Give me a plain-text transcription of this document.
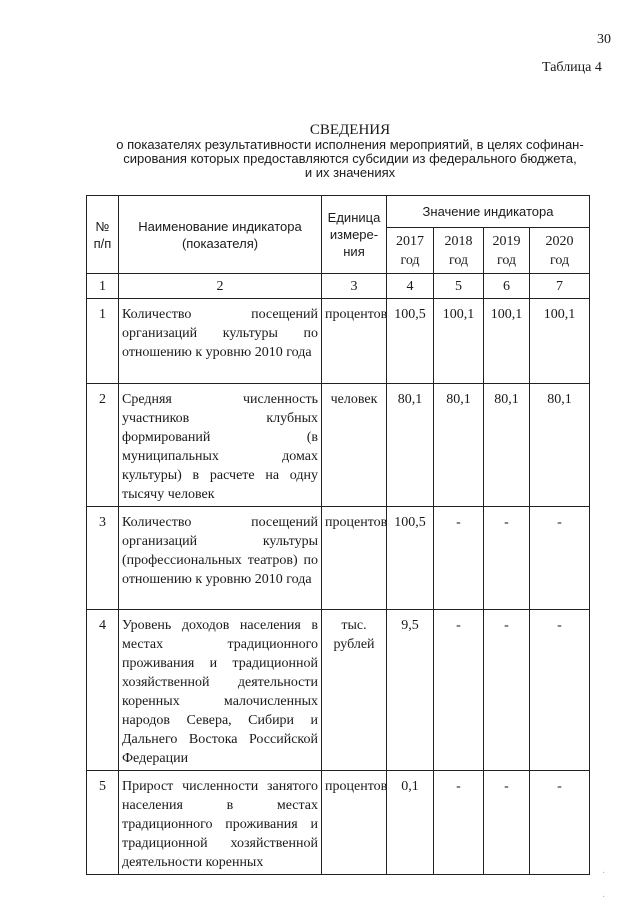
30
Таблица 4
СВЕДЕНИЯ
о показателях результативности исполнения мероприятий, в целях софинан-
сирования которых предоставляются субсидии из федерального бюджета,
и их значениях
№ п/п	Наименование индикатора (показателя)	Единица измере-ния	Значение индикатора			
			2017 год	2018 год	2019 год	2020 год
1	2	3	4	5	6	7
1	Количество посещений организаций культуры по отношению к уровню 2010 года	процентов	100,5	100,1	100,1	100,1
2	Средняя численность участников клубных формирований (в муниципальных домах культуры) в расчете на одну тысячу человек	человек	80,1	80,1	80,1	80,1
3	Количество посещений организаций культуры (профессиональных театров) по отношению к уровню 2010 года	процентов	100,5	-	-	-
4	Уровень доходов населения в местах традиционного проживания и традиционной хозяйственной деятельности коренных малочисленных народов Севера, Сибири и Дальнего Востока Российской Федерации	тыс. рублей	9,5	-	-	-
5	Прирост численности занятого населения в местах традиционного проживания и традиционной хозяйственной деятельности коренных	процентов	0,1	-	-	-
·
·
